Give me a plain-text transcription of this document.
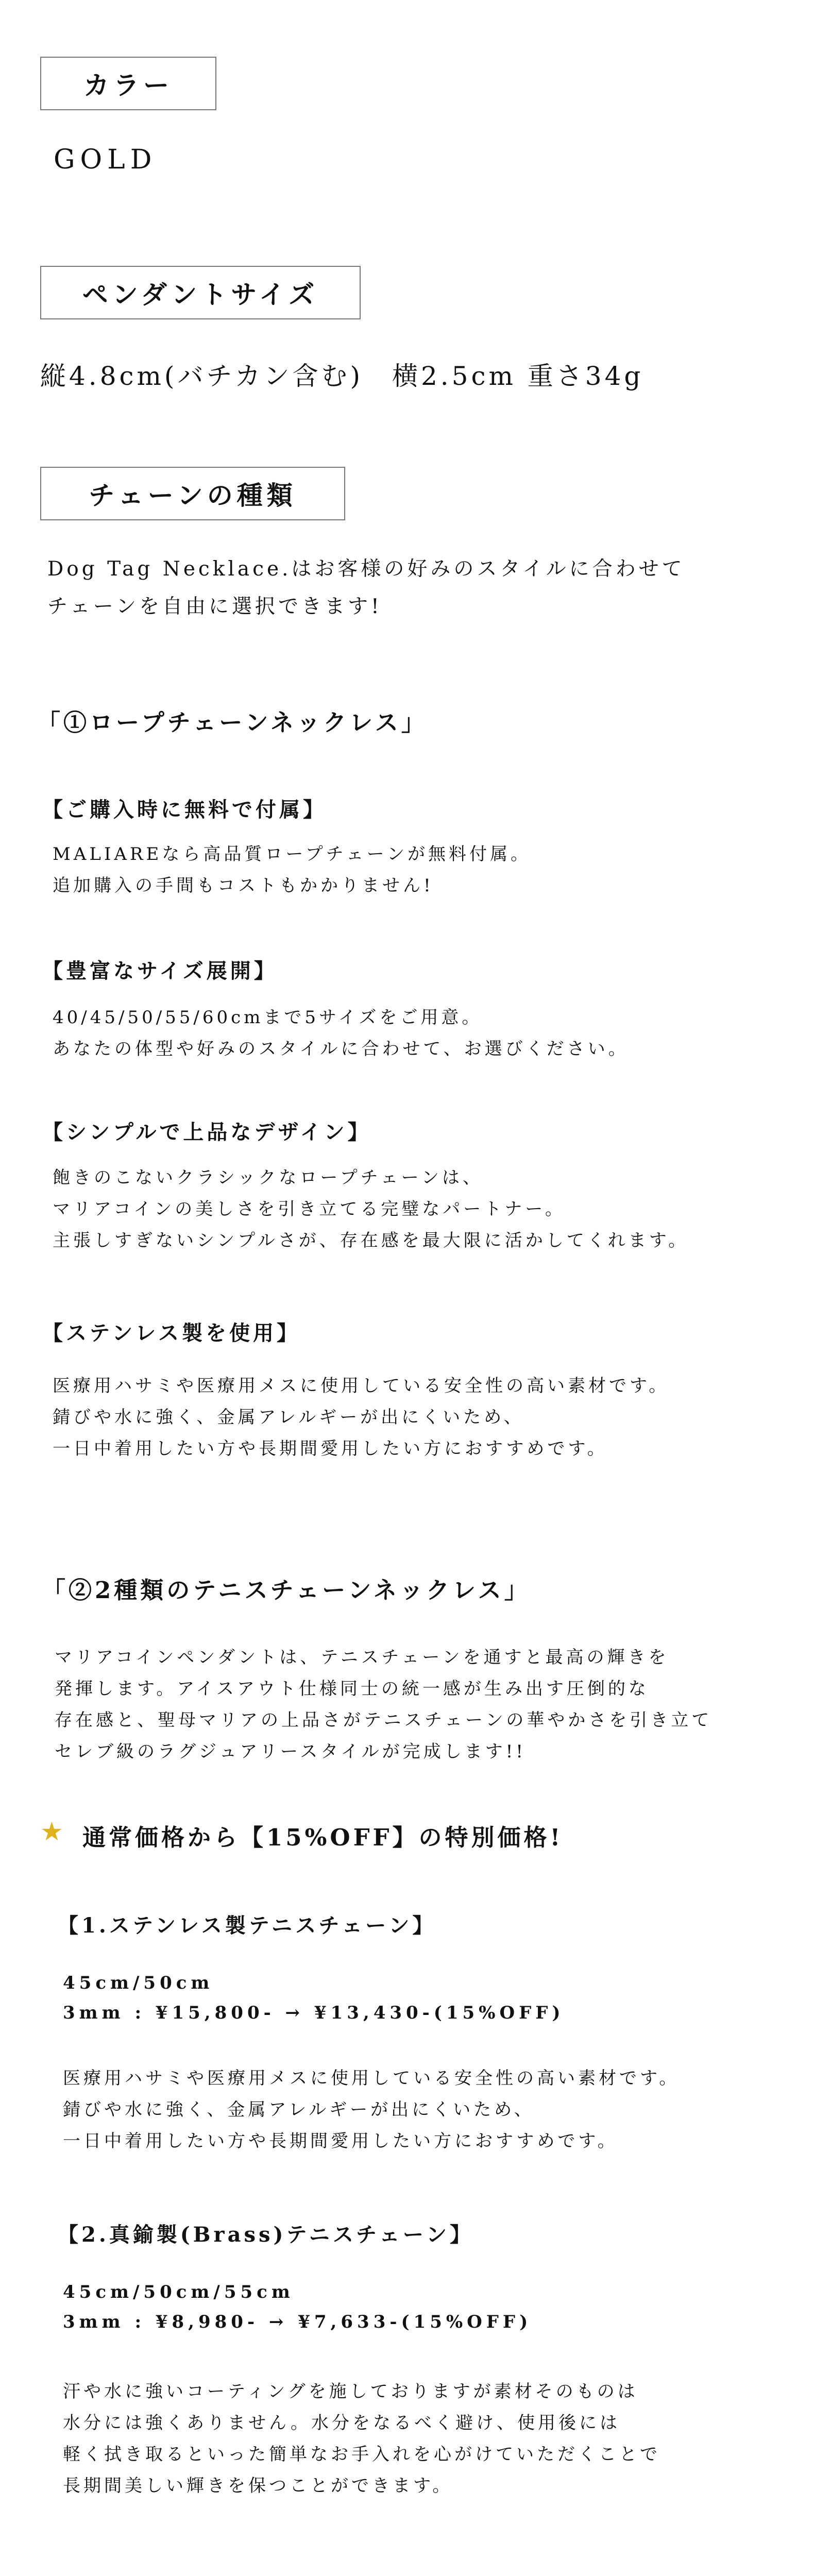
カラー
GOLD
ペンダントサイズ
縦4.8cm(バチカン含む)　横2.5cm 重さ34g
チェーンの種類
Dog Tag Necklace.はお客様の好みのスタイルに合わせて
チェーンを自由に選択できます!
「①ロープチェーンネックレス」
【ご購入時に無料で付属】
MALIAREなら高品質ロープチェーンが無料付属。
追加購入の手間もコストもかかりません!
【豊富なサイズ展開】
40/45/50/55/60cmまで5サイズをご用意。
あなたの体型や好みのスタイルに合わせて、お選びください。
【シンプルで上品なデザイン】
飽きのこないクラシックなロープチェーンは、
マリアコインの美しさを引き立てる完璧なパートナー。
主張しすぎないシンプルさが、存在感を最大限に活かしてくれます。
【ステンレス製を使用】
医療用ハサミや医療用メスに使用している安全性の高い素材です。
錆びや水に強く、金属アレルギーが出にくいため、
一日中着用したい方や長期間愛用したい方におすすめです。
「②2種類のテニスチェーンネックレス」
マリアコインペンダントは、テニスチェーンを通すと最高の輝きを
発揮します。アイスアウト仕様同士の統一感が生み出す圧倒的な
存在感と、聖母マリアの上品さがテニスチェーンの華やかさを引き立て
セレブ級のラグジュアリースタイルが完成します!!
★ 通常価格から【15%OFF】の特別価格!
【1.ステンレス製テニスチェーン】
45cm/50cm
3mm : ¥15,800- → ¥13,430-(15%OFF)
医療用ハサミや医療用メスに使用している安全性の高い素材です。
錆びや水に強く、金属アレルギーが出にくいため、
一日中着用したい方や長期間愛用したい方におすすめです。
【2.真鍮製(Brass)テニスチェーン】
45cm/50cm/55cm
3mm : ¥8,980- → ¥7,633-(15%OFF)
汗や水に強いコーティングを施しておりますが素材そのものは
水分には強くありません。水分をなるべく避け、使用後には
軽く拭き取るといった簡単なお手入れを心がけていただくことで
長期間美しい輝きを保つことができます。
